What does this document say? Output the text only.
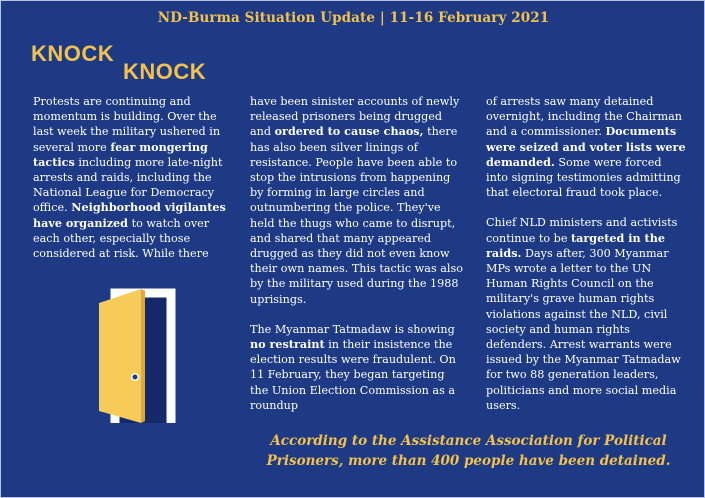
ND-Burma Situation Update | 11-16 February 2021
KNOCK
KNOCK

Protests are continuing and momentum is building. Over the last week the military ushered in several more fear mongering tactics including more late-night arrests and raids, including the National League for Democracy office. Neighborhood vigilantes have organized to watch over each other, especially those considered at risk. While there

have been sinister accounts of newly released prisoners being drugged and ordered to cause chaos, there has also been silver linings of resistance. People have been able to stop the intrusions from happening by forming in large circles and outnumbering the police. They've held the thugs who came to disrupt, and shared that many appeared drugged as they did not even know their own names. This tactic was also by the military used during the 1988 uprisings.

The Myanmar Tatmadaw is showing no restraint in their insistence the election results were fraudulent. On 11 February, they began targeting the Union Election Commission as a roundup

of arrests saw many detained overnight, including the Chairman and a commissioner. Documents were seized and voter lists were demanded. Some were forced into signing testimonies admitting that electoral fraud took place.

Chief NLD ministers and activists continue to be targeted in the raids. Days after, 300 Myanmar MPs wrote a letter to the UN Human Rights Council on the military's grave human rights violations against the NLD, civil society and human rights defenders. Arrest warrants were issued by the Myanmar Tatmadaw for two 88 generation leaders, politicians and more social media users.

According to the Assistance Association for Political Prisoners, more than 400 people have been detained.
